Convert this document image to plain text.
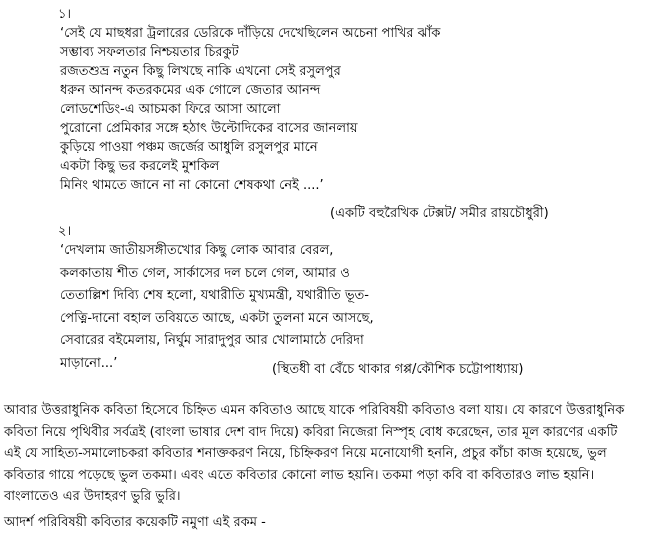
১।
‘সেই যে মাছধরা ট্রলারের ডেরিকে দাঁড়িয়ে দেখেছিলেন অচেনা পাখির ঝাঁক
সম্ভাব্য সফলতার নিশ্চয়তার চিরকুট
রজতশুভ্র নতুন কিছু লিখছে নাকি এখনো সেই রসুলপুর
ধরুন আনন্দ কতরকমের এক গোলে জেতার আনন্দ
লোডশেডিং-এ আচমকা ফিরে আসা আলো
পুরোনো প্রেমিকার সঙ্গে হঠাৎ উল্টোদিকের বাসের জানলায়
কুড়িয়ে পাওয়া পঞ্চম জর্জের আধুলি রসুলপুর মানে
একটা কিছু ভর করলেই মুশকিল
মিনিং থামতে জানে না না কোনো শেষকথা নেই ....’
(একটি বহুরৈখিক টেক্সট/ সমীর রায়চৌধুরী)
২।
‘দেখলাম জাতীয়সঙ্গীতখোর কিছু লোক আবার বেরল,
কলকাতায় শীত গেল, সার্কাসের দল চলে গেল, আমার ও
তেতাল্লিশ দিব্যি শেষ হলো, যথারীতি মুখ্যমন্ত্রী, যথারীতি ভূত-
পেত্নি-দানো বহাল তবিয়তে আছে, একটা তুলনা মনে আসছে,
সেবারের বইমেলায়, নির্ঘুম সারাদুপুর আর খোলামাঠে দেরিদা
মাড়ানো...’	(স্থিতধী বা বেঁচে থাকার গপ্প/কৌশিক চট্টোপাধ্যায়)
আবার উত্তরাধুনিক কবিতা হিসেবে চিহ্নিত এমন কবিতাও আছে যাকে পরিবিষয়ী কবিতাও বলা যায়। যে কারণে উত্তরাধুনিক
কবিতা নিয়ে পৃথিবীর সর্বত্রই (বাংলা ভাষার দেশ বাদ দিয়ে) কবিরা নিজেরা নিস্পৃহ বোধ করেছেন, তার মূল কারণের একটি
এই যে সাহিত্য-সমালোচকরা কবিতার শনাক্তকরণ নিয়ে, চিহ্নিকরণ নিয়ে মনোযোগী হননি, প্রচুর কাঁচা কাজ হয়েছে, ভুল
কবিতার গায়ে পড়েছে ভুল তকমা। এবং এতে কবিতার কোনো লাভ হয়নি। তকমা পড়া কবি বা কবিতারও লাভ হয়নি।
বাংলাতেও এর উদাহরণ ভুরি ভুরি।
আদর্শ পরিবিষয়ী কবিতার কয়েকটি নমুণা এই রকম -
